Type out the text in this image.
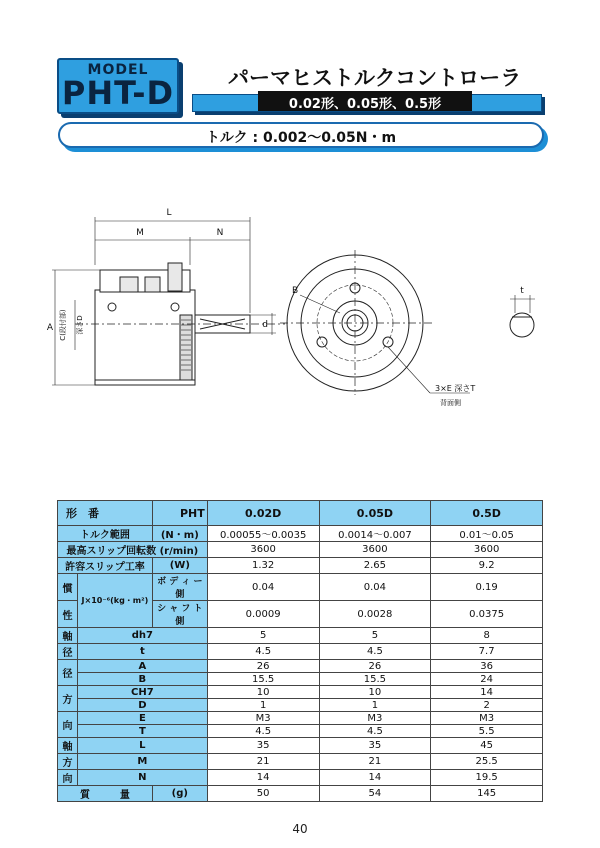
MODEL
PHT-D	パーマヒストルクコントローラ
0.02形、0.05形、0.5形
トルク : 0.002〜0.05N・m
L
M	N
A C(段付部) 深さD	d
B	t
3×E 深さT
背面側
形　番		PHT	0.02D	0.05D	0.5D
トルク範囲		(N・m)	0.00055〜0.0035	0.0014〜0.007	0.01〜0.05
最高スリップ回転数 (r/min)			3600	3600	3600
許容スリップ工率		(W)	1.32	2.65	9.2
慣	J×10⁻⁶(kg・m²)	ボ デ ィ ー 側	0.04	0.04	0.19
性		シ ャ フ ト 側	0.0009	0.0028	0.0375
軸	dh7		5	5	8
径	t		4.5	4.5	7.7
径	A		26	26	36
	B		15.5	15.5	24
方	CH7		10	10	14
	D		1	1	2
向	E		M3	M3	M3
	T		4.5	4.5	5.5
軸	L		35	35	45
方	M		21	21	25.5
向	N		14	14	19.5
質　　　量		(g)	50	54	145
40
